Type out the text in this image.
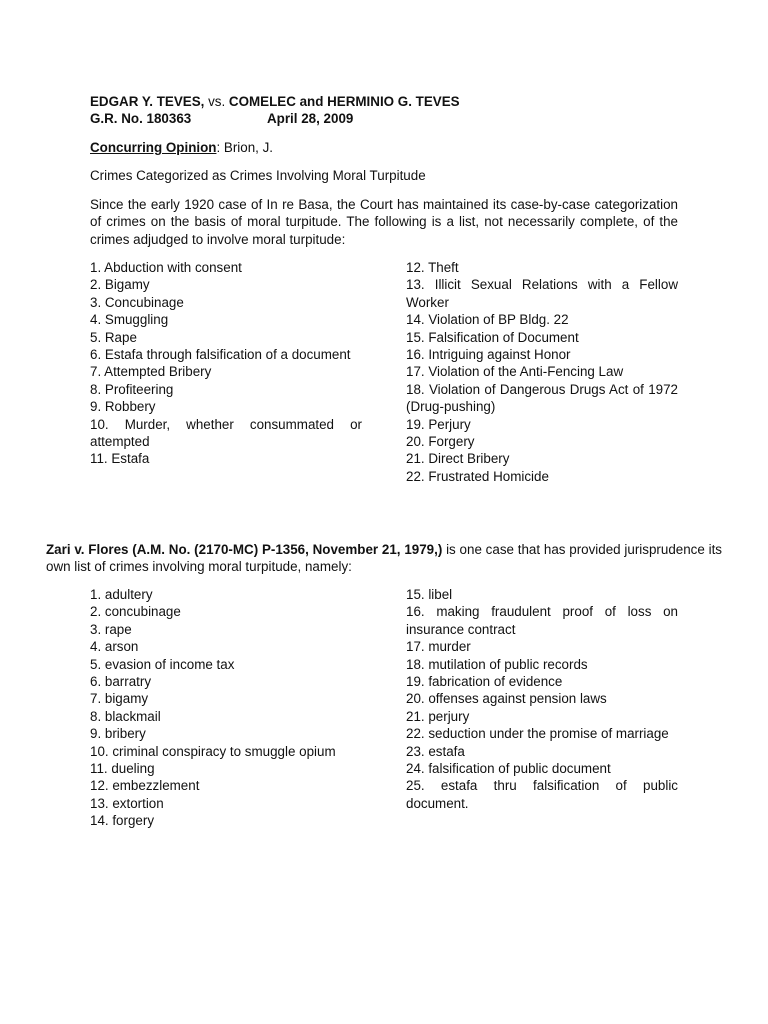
EDGAR Y. TEVES, vs. COMELEC and HERMINIO G. TEVES
G.R. No. 180363	April 28, 2009
Concurring Opinion: Brion, J.
Crimes Categorized as Crimes Involving Moral Turpitude
Since the early 1920 case of In re Basa, the Court has maintained its case-by-case categorization of crimes on the basis of moral turpitude. The following is a list, not necessarily complete, of the crimes adjudged to involve moral turpitude:
1. Abduction with consent
2. Bigamy
3. Concubinage
4. Smuggling
5. Rape
6. Estafa through falsification of a document
7. Attempted Bribery
8. Profiteering
9. Robbery
10. Murder, whether consummated or attempted
11. Estafa
12. Theft
13. Illicit Sexual Relations with a Fellow Worker
14. Violation of BP Bldg. 22
15. Falsification of Document
16. Intriguing against Honor
17. Violation of the Anti-Fencing Law
18. Violation of Dangerous Drugs Act of 1972 (Drug-pushing)
19. Perjury
20. Forgery
21. Direct Bribery
22. Frustrated Homicide
Zari v. Flores (A.M. No. (2170-MC) P-1356, November 21, 1979,) is one case that has provided jurisprudence its own list of crimes involving moral turpitude, namely:
1. adultery
2. concubinage
3. rape
4. arson
5. evasion of income tax
6. barratry
7. bigamy
8. blackmail
9. bribery
10. criminal conspiracy to smuggle opium
11. dueling
12. embezzlement
13. extortion
14. forgery
15. libel
16. making fraudulent proof of loss on insurance contract
17. murder
18. mutilation of public records
19. fabrication of evidence
20. offenses against pension laws
21. perjury
22. seduction under the promise of marriage
23. estafa
24. falsification of public document
25. estafa thru falsification of public document.
